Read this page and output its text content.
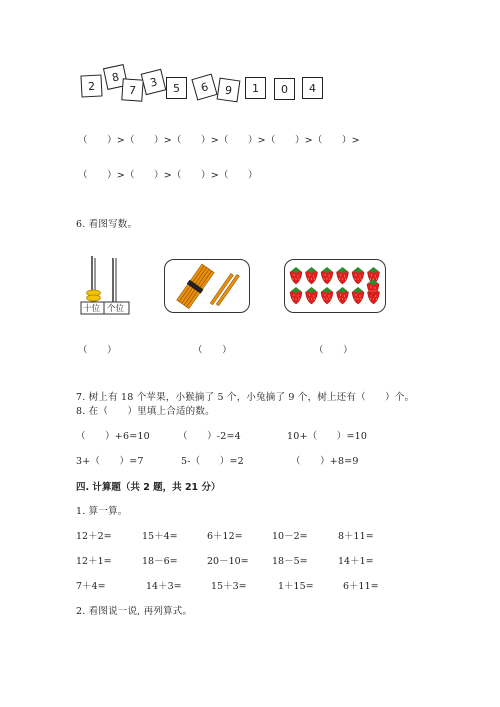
2
8
7
3	5	6	9	1	0	4
（　　）>（　　）>（　　）>（　　）>（　　）>（　　）>
（　　）>（　　）>（　　）>（　　）
6. 看图写数。
十位 个位
（　　）	（　　）	（　　）
7. 树上有 18 个苹果，小猴摘了 5 个，小兔摘了 9 个，树上还有（　　）个。
8. 在（　　）里填上合适的数。
（　　）+6=10	（　　）-2=4	10+（　　）=10
3+（　　）=7	5-（　　）=2	（　　）+8=9
四. 计算题（共 2 题，共 21 分）
1. 算一算。
12＋2=	15＋4=	6＋12=	10－2=	8＋11=
12＋1=	18－6=	20－10= 18－5=	14＋1=
7＋4=	14＋3=	15＋3=	1＋15=	6＋11=
2. 看图说一说, 再列算式。
